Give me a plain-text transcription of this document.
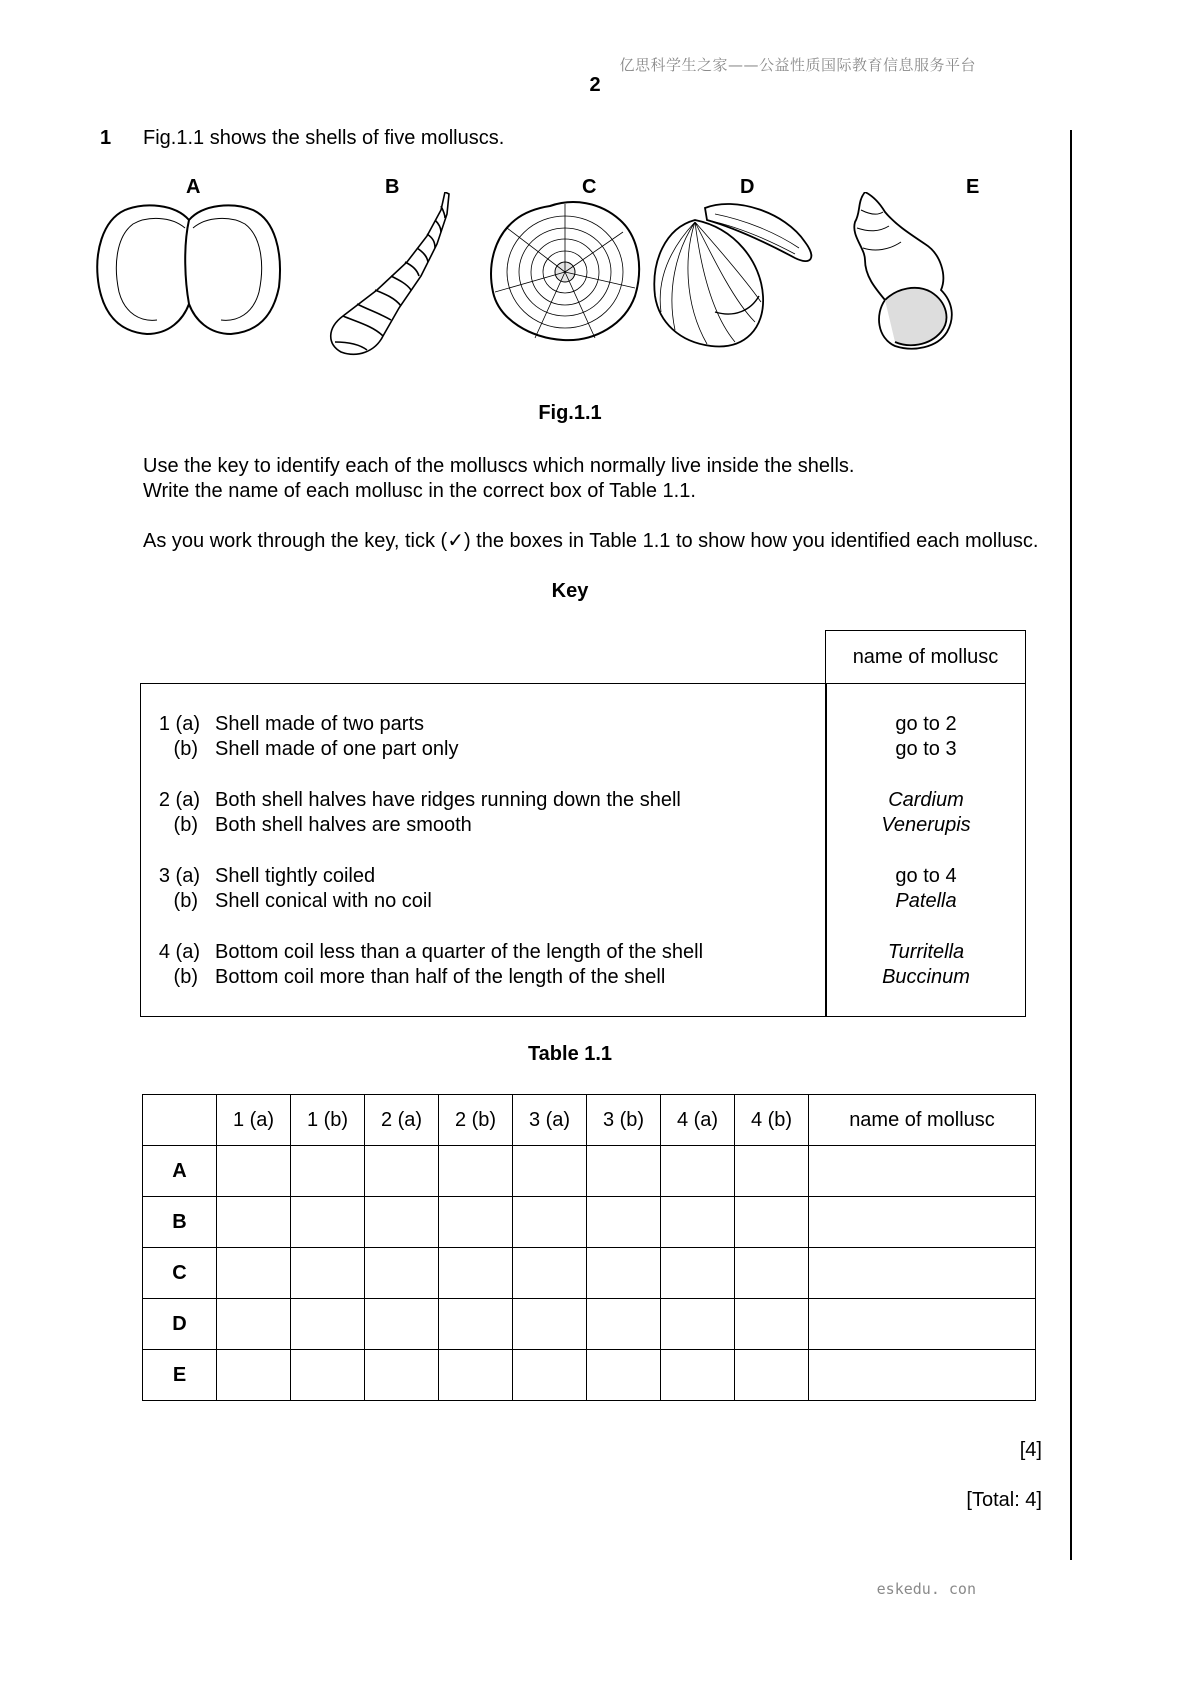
亿思科学生之家——公益性质国际教育信息服务平台
2
1 Fig.1.1 shows the shells of five molluscs.
A	B	C	D	E
Fig.1.1
Use the key to identify each of the molluscs which normally live inside the shells.
Write the name of each mollusc in the correct box of Table 1.1.
As you work through the key, tick (✓) the boxes in Table 1.1 to show how you identified each mollusc.
Key
name of mollusc
1 (a) Shell made of two parts	go to 2
(b) Shell made of one part only	go to 3
2 (a) Both shell halves have ridges running down the shell	Cardium
(b) Both shell halves are smooth	Venerupis
3 (a) Shell tightly coiled	go to 4
(b) Shell conical with no coil	Patella
4 (a) Bottom coil less than a quarter of the length of the shell	Turritella
(b) Bottom coil more than half of the length of the shell	Buccinum
Table 1.1
	1 (a)	1 (b)	2 (a)	2 (b)	3 (a)	3 (b)	4 (a)	4 (b)	name of mollusc
A									
B									
C									
D									
E									
[4]
[Total: 4]
eskedu. con
